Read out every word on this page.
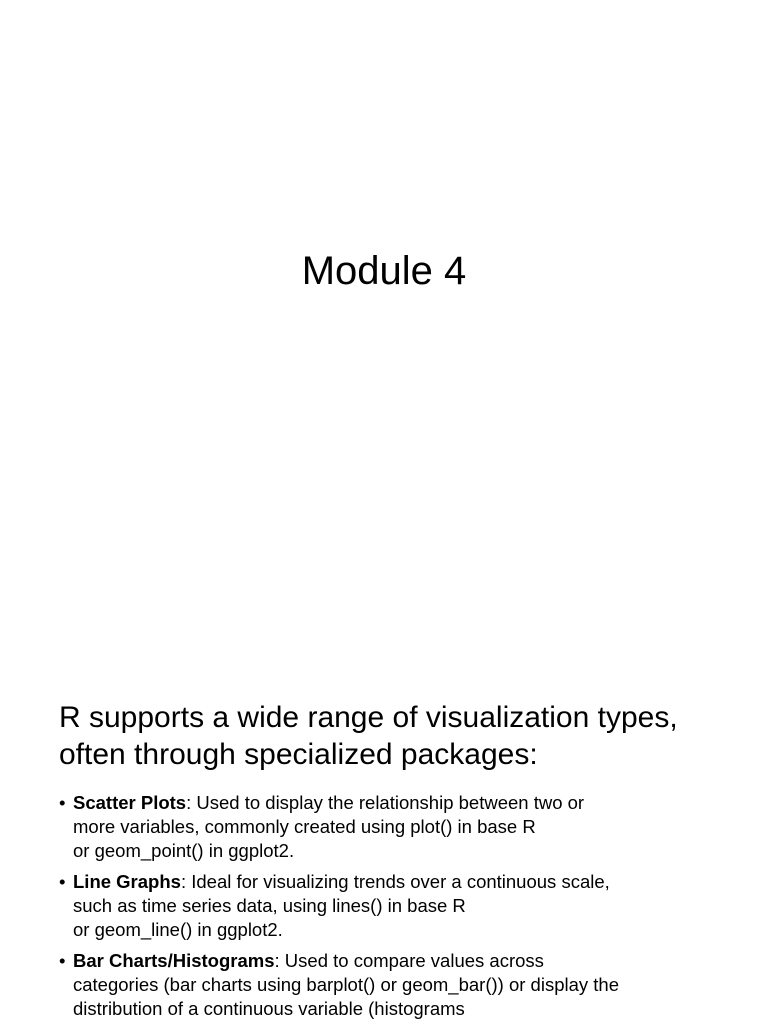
Module 4
R supports a wide range of visualization types,
often through specialized packages:
• Scatter Plots: Used to display the relationship between two or
more variables, commonly created using plot() in base R
or geom_point() in ggplot2.
• Line Graphs: Ideal for visualizing trends over a continuous scale,
such as time series data, using lines() in base R
or geom_line() in ggplot2.
• Bar Charts/Histograms: Used to compare values across
categories (bar charts using barplot() or geom_bar()) or display the
distribution of a continuous variable (histograms
